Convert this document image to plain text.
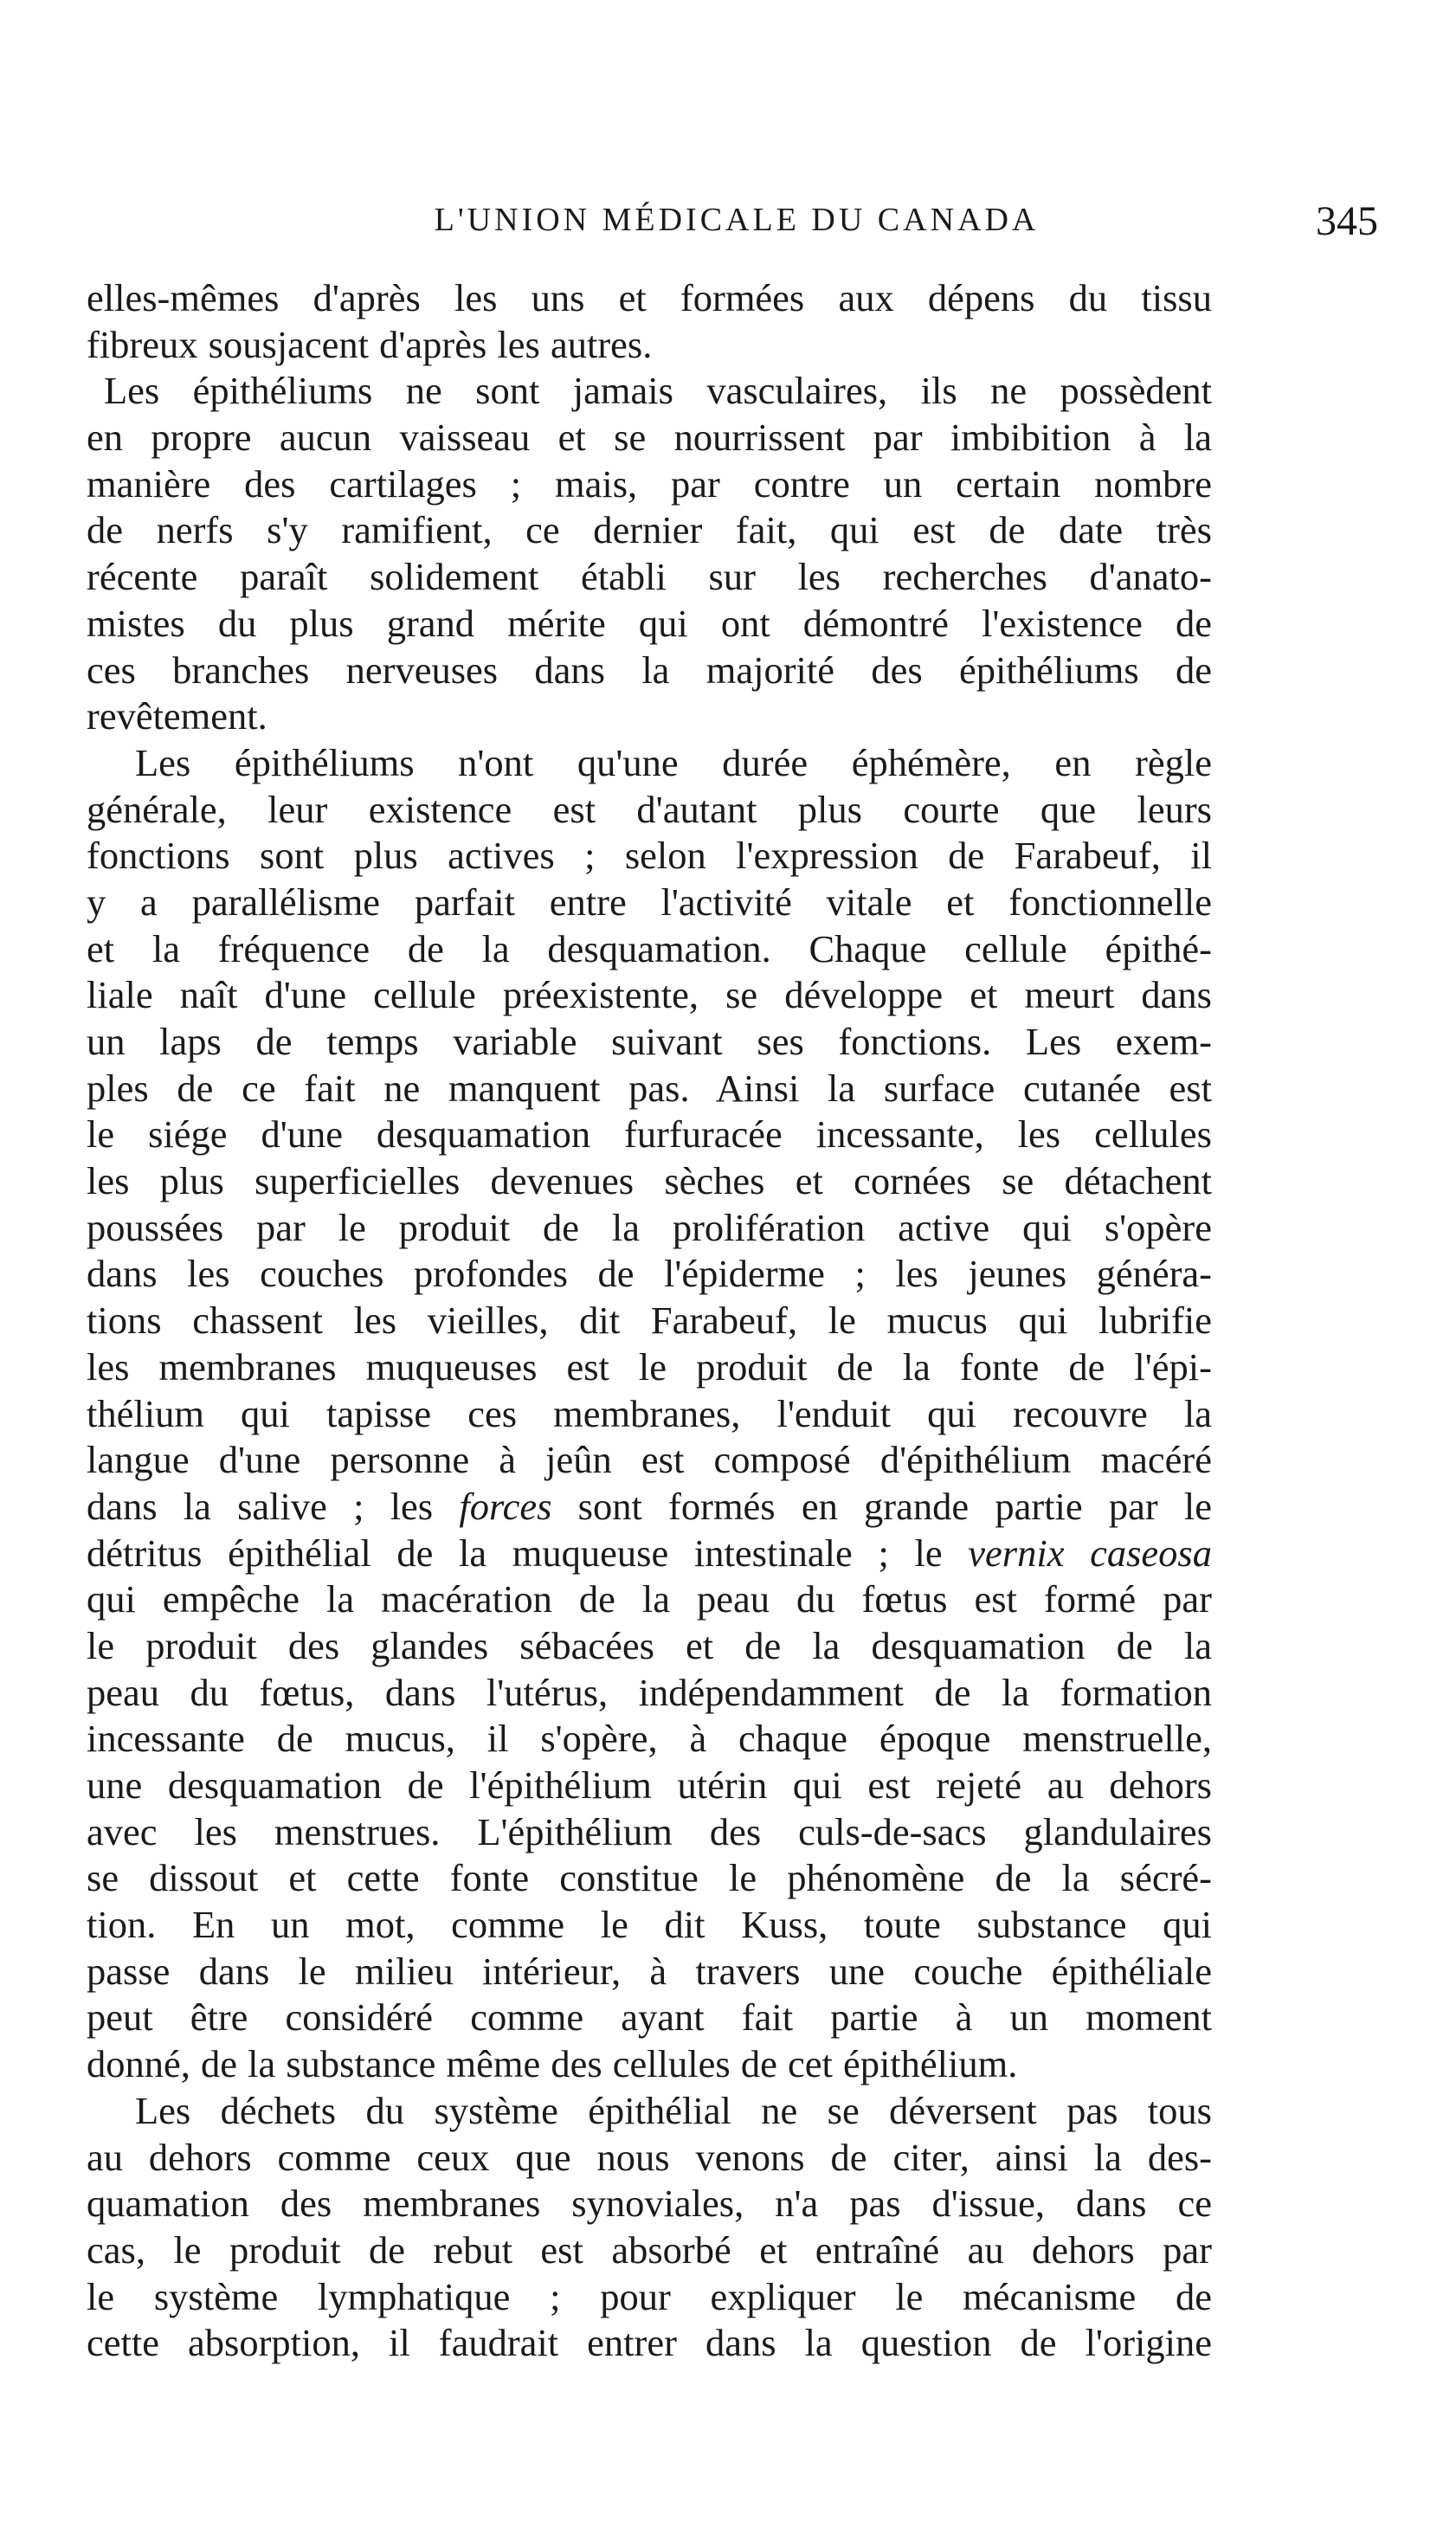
L'UNION MÉDICALE DU CANADA	345
elles-mêmes d'après les uns et formées aux dépens du tissu
fibreux sousjacent d'après les autres.
Les épithéliums ne sont jamais vasculaires, ils ne possèdent
en propre aucun vaisseau et se nourrissent par imbibition à la
manière des cartilages ; mais, par contre un certain nombre
de nerfs s'y ramifient, ce dernier fait, qui est de date très
récente paraît solidement établi sur les recherches d'anato-
mistes du plus grand mérite qui ont démontré l'existence de
ces branches nerveuses dans la majorité des épithéliums de
revêtement.
Les épithéliums n'ont qu'une durée éphémère, en règle
générale, leur existence est d'autant plus courte que leurs
fonctions sont plus actives ; selon l'expression de Farabeuf, il
y a parallélisme parfait entre l'activité vitale et fonctionnelle
et la fréquence de la desquamation. Chaque cellule épithé-
liale naît d'une cellule préexistente, se développe et meurt dans
un laps de temps variable suivant ses fonctions. Les exem-
ples de ce fait ne manquent pas. Ainsi la surface cutanée est
le siége d'une desquamation furfuracée incessante, les cellules
les plus superficielles devenues sèches et cornées se détachent
poussées par le produit de la prolifération active qui s'opère
dans les couches profondes de l'épiderme ; les jeunes généra-
tions chassent les vieilles, dit Farabeuf, le mucus qui lubrifie
les membranes muqueuses est le produit de la fonte de l'épi-
thélium qui tapisse ces membranes, l'enduit qui recouvre la
langue d'une personne à jeûn est composé d'épithélium macéré
dans la salive ; les forces sont formés en grande partie par le
détritus épithélial de la muqueuse intestinale ; le vernix caseosa
qui empêche la macération de la peau du fœtus est formé par
le produit des glandes sébacées et de la desquamation de la
peau du fœtus, dans l'utérus, indépendamment de la formation
incessante de mucus, il s'opère, à chaque époque menstruelle,
une desquamation de l'épithélium utérin qui est rejeté au dehors
avec les menstrues. L'épithélium des culs-de-sacs glandulaires
se dissout et cette fonte constitue le phénomène de la sécré-
tion. En un mot, comme le dit Kuss, toute substance qui
passe dans le milieu intérieur, à travers une couche épithéliale
peut être considéré comme ayant fait partie à un moment
donné, de la substance même des cellules de cet épithélium.
Les déchets du système épithélial ne se déversent pas tous
au dehors comme ceux que nous venons de citer, ainsi la des-
quamation des membranes synoviales, n'a pas d'issue, dans ce
cas, le produit de rebut est absorbé et entraîné au dehors par
le système lymphatique ; pour expliquer le mécanisme de
cette absorption, il faudrait entrer dans la question de l'origine
